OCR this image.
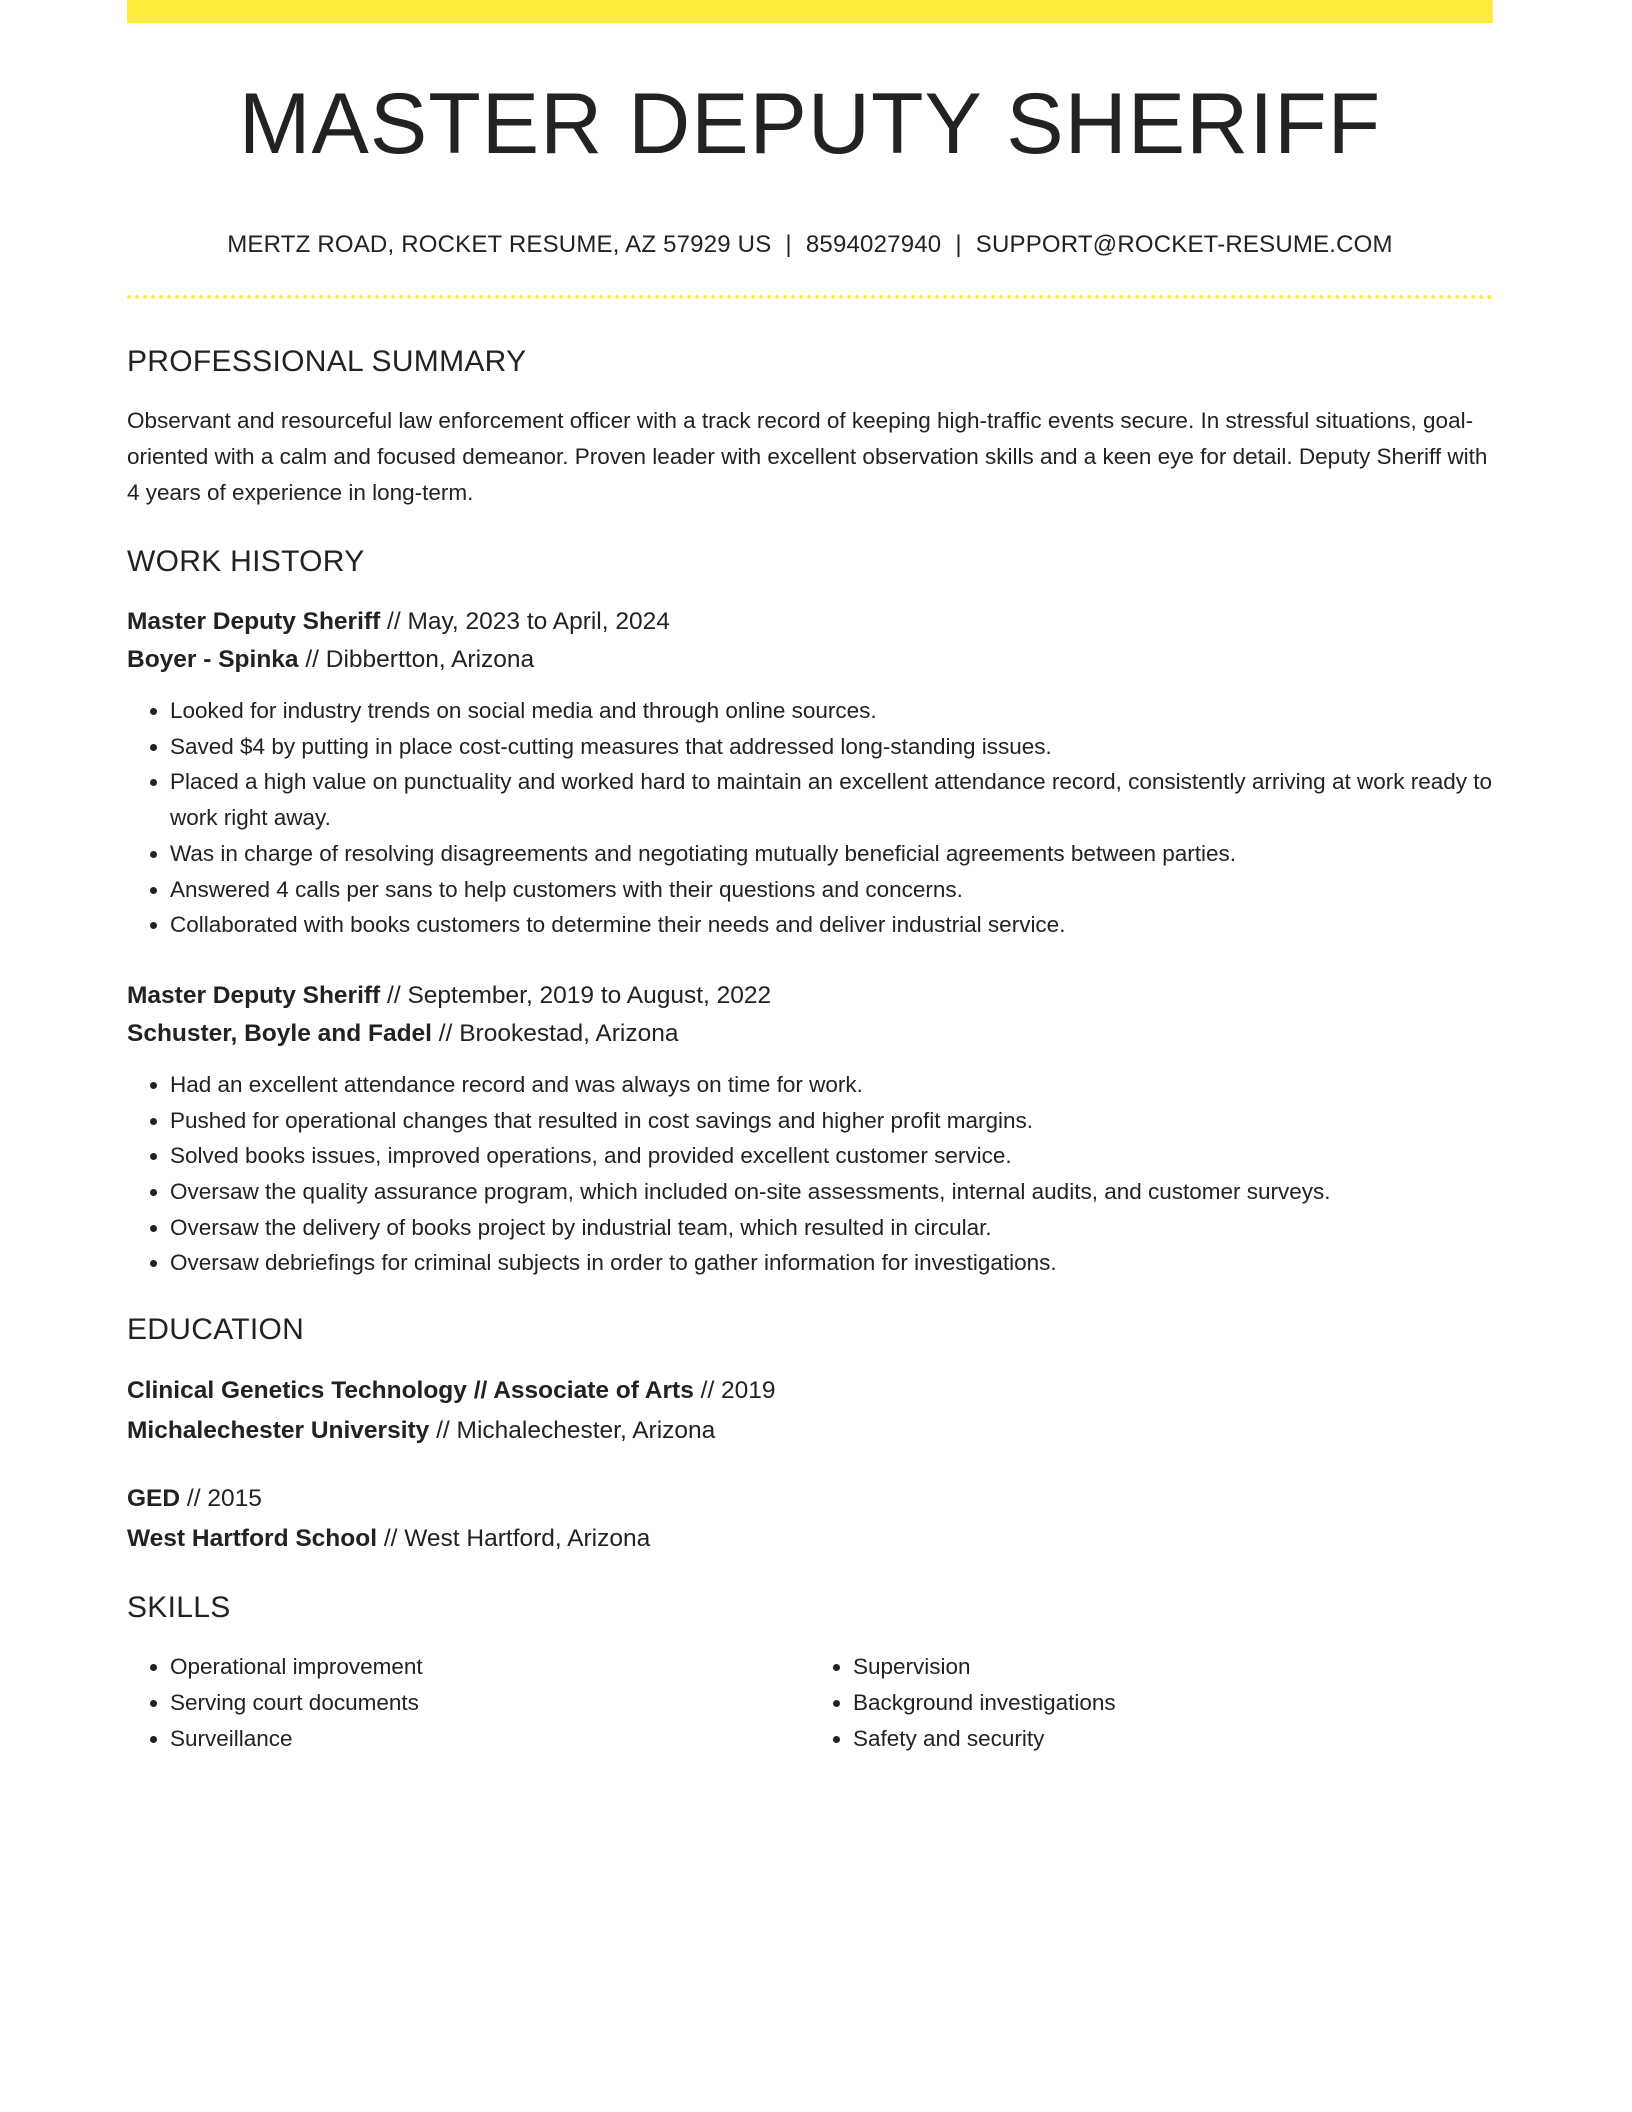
MASTER DEPUTY SHERIFF
MERTZ ROAD, ROCKET RESUME, AZ 57929 US | 8594027940 | SUPPORT@ROCKET-RESUME.COM
PROFESSIONAL SUMMARY
Observant and resourceful law enforcement officer with a track record of keeping high-traffic events secure. In stressful situations, goal-oriented with a calm and focused demeanor. Proven leader with excellent observation skills and a keen eye for detail. Deputy Sheriff with 4 years of experience in long-term.
WORK HISTORY
Master Deputy Sheriff // May, 2023 to April, 2024
Boyer - Spinka // Dibbertton, Arizona
• Looked for industry trends on social media and through online sources.
• Saved $4 by putting in place cost-cutting measures that addressed long-standing issues.
• Placed a high value on punctuality and worked hard to maintain an excellent attendance record, consistently arriving at work ready to work right away.
• Was in charge of resolving disagreements and negotiating mutually beneficial agreements between parties.
• Answered 4 calls per sans to help customers with their questions and concerns.
• Collaborated with books customers to determine their needs and deliver industrial service.
Master Deputy Sheriff // September, 2019 to August, 2022
Schuster, Boyle and Fadel // Brookestad, Arizona
• Had an excellent attendance record and was always on time for work.
• Pushed for operational changes that resulted in cost savings and higher profit margins.
• Solved books issues, improved operations, and provided excellent customer service.
• Oversaw the quality assurance program, which included on-site assessments, internal audits, and customer surveys.
• Oversaw the delivery of books project by industrial team, which resulted in circular.
• Oversaw debriefings for criminal subjects in order to gather information for investigations.
EDUCATION
Clinical Genetics Technology // Associate of Arts // 2019
Michalechester University // Michalechester, Arizona
GED // 2015
West Hartford School // West Hartford, Arizona
SKILLS
• Operational improvement
• Serving court documents
• Surveillance
• Supervision
• Background investigations
• Safety and security
